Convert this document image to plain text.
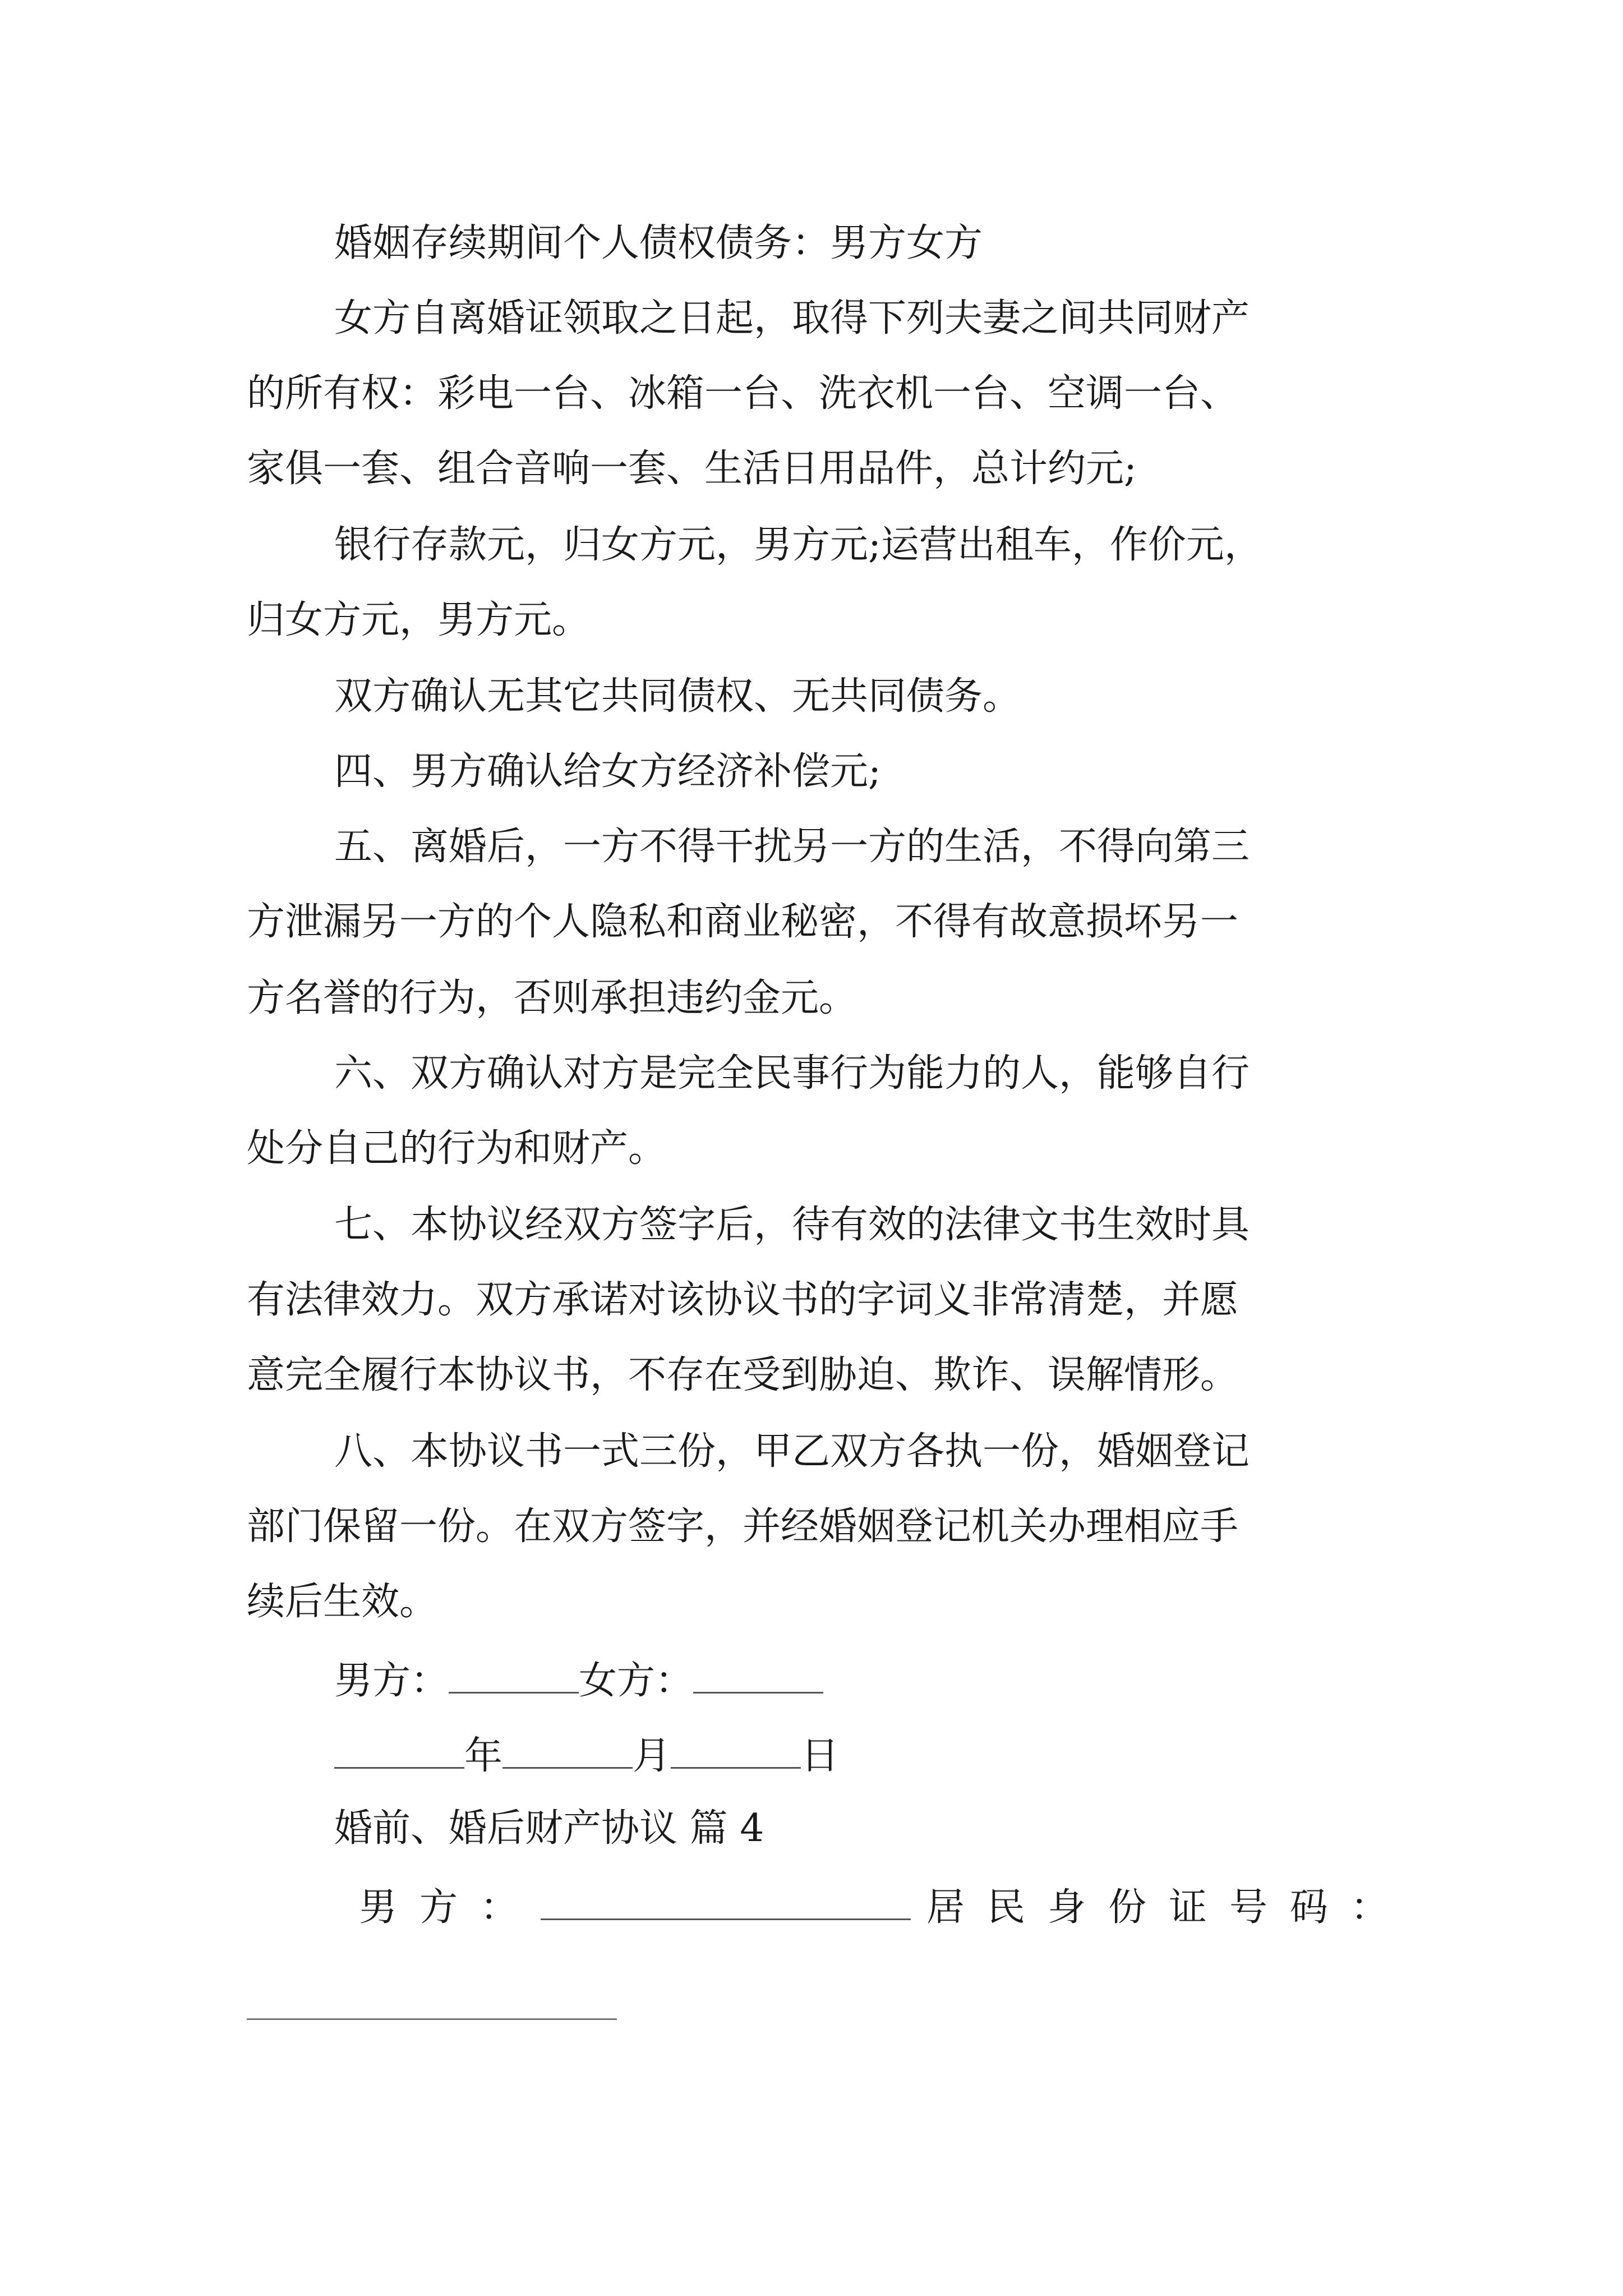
婚姻存续期间个人债权债务：男方女方
女方自离婚证领取之日起，取得下列夫妻之间共同财产
的所有权：彩电一台、冰箱一台、洗衣机一台、空调一台、
家俱一套、组合音响一套、生活日用品件，总计约元;
银行存款元，归女方元，男方元;运营出租车，作价元，
归女方元，男方元。
双方确认无其它共同债权、无共同债务。
四、男方确认给女方经济补偿元;
五、离婚后，一方不得干扰另一方的生活，不得向第三
方泄漏另一方的个人隐私和商业秘密，不得有故意损坏另一
方名誉的行为，否则承担违约金元。
六、双方确认对方是完全民事行为能力的人，能够自行
处分自己的行为和财产。
七、本协议经双方签字后，待有效的法律文书生效时具
有法律效力。双方承诺对该协议书的字词义非常清楚，并愿
意完全履行本协议书，不存在受到胁迫、欺诈、误解情形。
八、本协议书一式三份，甲乙双方各执一份，婚姻登记
部门保留一份。在双方签字，并经婚姻登记机关办理相应手
续后生效。
男方：	女方：
年	月	日
婚前、婚后财产协议 篇 4
男方：	居民身份证号码：
